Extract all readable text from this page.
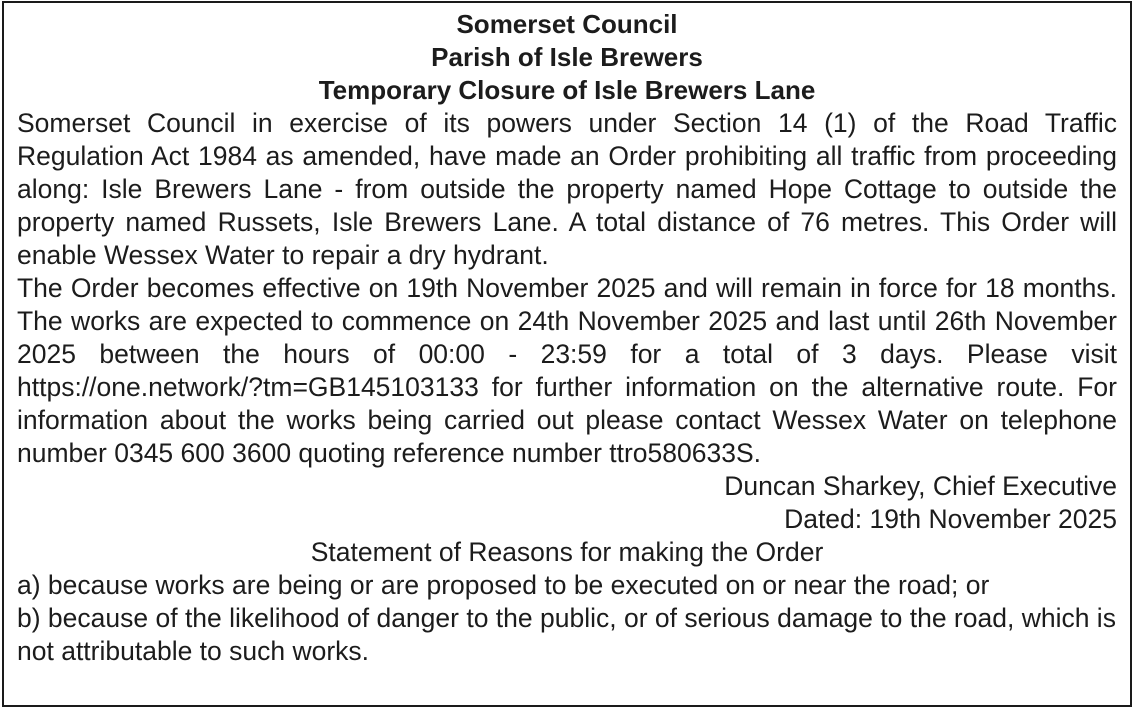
Somerset Council

Parish of Isle Brewers

Temporary Closure of Isle Brewers Lane

Somerset Council in exercise of its powers under Section 14 (1) of the Road Traffic Regulation Act 1984 as amended, have made an Order prohibiting all traffic from proceeding along: Isle Brewers Lane - from outside the property named Hope Cottage to outside the property named Russets, Isle Brewers Lane. A total distance of 76 metres. This Order will enable Wessex Water to repair a dry hydrant.

The Order becomes effective on 19th November 2025 and will remain in force for 18 months. The works are expected to commence on 24th November 2025 and last until 26th November 2025 between the hours of 00:00 - 23:59 for a total of 3 days. Please visit https://one.network/?tm=GB145103133 for further information on the alternative route. For information about the works being carried out please contact Wessex Water on telephone number 0345 600 3600 quoting reference number ttro580633S.

Duncan Sharkey, Chief Executive

Dated: 19th November 2025

Statement of Reasons for making the Order

a) because works are being or are proposed to be executed on or near the road; or

b) because of the likelihood of danger to the public, or of serious damage to the road, which is not attributable to such works.
